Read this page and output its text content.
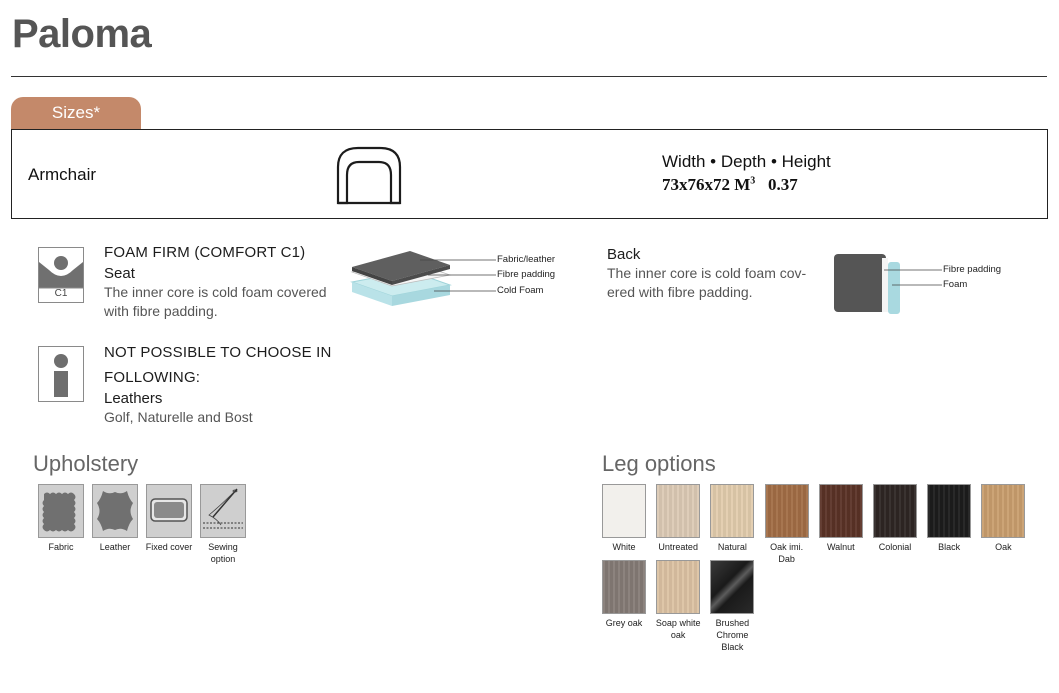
Paloma
Sizes*
Armchair
Width • Depth • Height
73x76x72 $M^3$ 0.37
C1
FOAM FIRM (COMFORT C1)
Seat
The inner core is cold foam covered
with fibre padding.
Fabric/leather
Fibre padding
Cold Foam
Back
The inner core is cold foam cov-
ered with fibre padding.
Fibre padding
Foam
NOT POSSIBLE TO CHOOSE IN
FOLLOWING:
Leathers
Golf, Naturelle and Bost
Upholstery
Fabric	Leather	Fixed cover	Sewing
option
Leg options
White	Untreated	Natural	Oak imi. Dab

Walnut	Colonial	Black	Oak

Grey oak	Soap white
oak

Brushed
Chrome
Black
